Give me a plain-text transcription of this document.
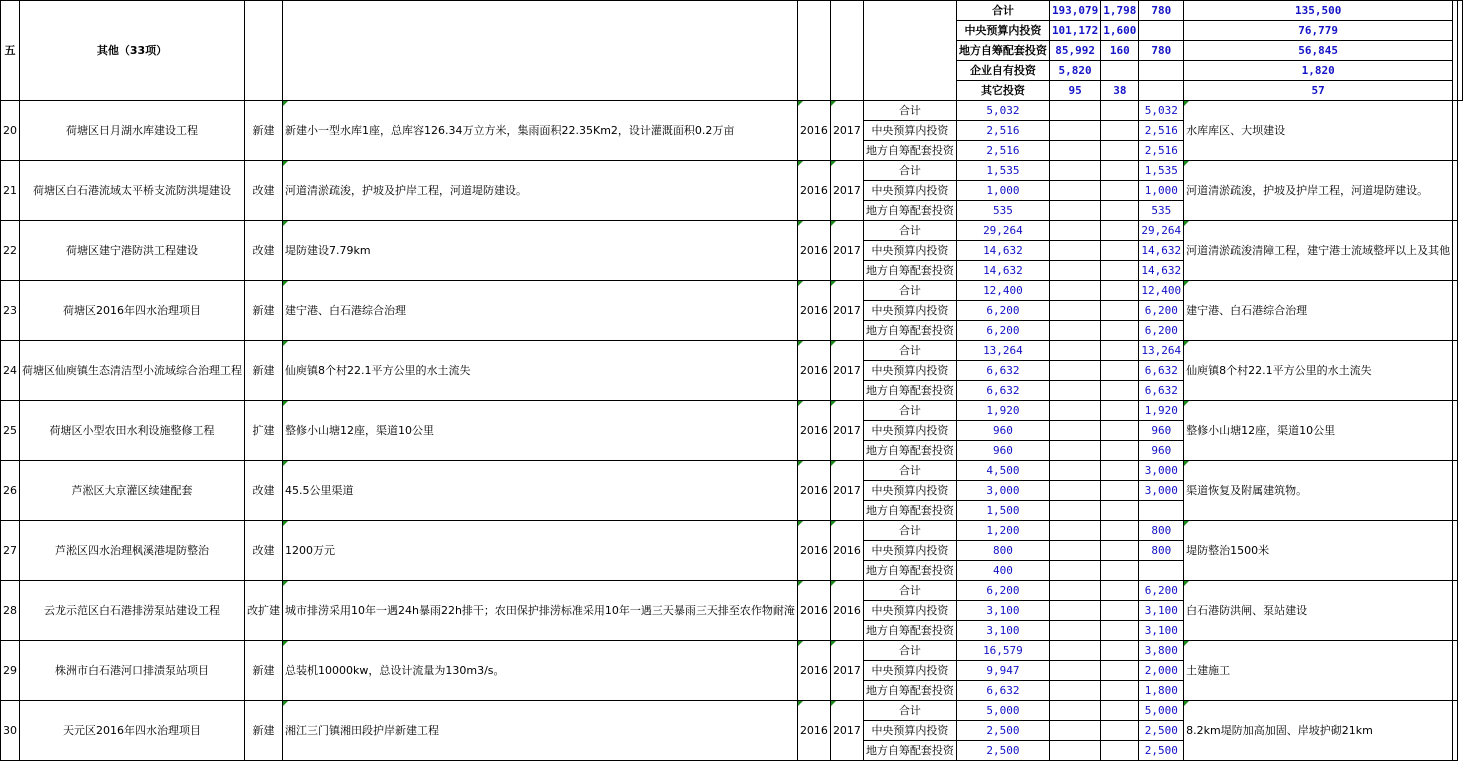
五	其他（33项）						合计	193,079	1,798	780	135,500		
							中央预算内投资	101,172	1,600		76,779		
							地方自筹配套投资	85,992	160	780	56,845		
							企业自有投资	5,820			1,820		
							其它投资	95	38		57		
20	荷塘区日月湖水库建设工程	新建	新建小一型水库1座，总库容126.34万立方米，集雨面积22.35Km2，设计灌溉面积0.2万亩	2016	2017	合计	5,032			5,032	水库库区、大坝建设	

						中央预算内投资	2,516			2,516			
						地方自筹配套投资	2,516			2,516			
21	荷塘区白石港流域太平桥支流防洪堤建设	改建	河道清淤疏浚，护坡及护岸工程，河道堤防建设。	2016	2017	合计	1,535			1,535	河道清淤疏浚，护坡及护岸工程，河道堤防建设。	

						中央预算内投资	1,000			1,000			
						地方自筹配套投资	535			535			
22	荷塘区建宁港防洪工程建设	改建	堤防建设7.79km	2016	2017	合计	29,264			29,264	河道清淤疏浚清障工程，建宁港士流域整坪以上及其他	

						中央预算内投资	14,632			14,632			
						地方自筹配套投资	14,632			14,632			
23	荷塘区2016年四水治理项目	新建	建宁港、白石港综合治理	2016	2017	合计	12,400			12,400	建宁港、白石港综合治理	

						中央预算内投资	6,200			6,200			
						地方自筹配套投资	6,200			6,200			
24	荷塘区仙庾镇生态清洁型小流域综合治理工程	新建	仙庾镇8个村22.1平方公里的水土流失	2016	2017	合计	13,264			13,264	仙庾镇8个村22.1平方公里的水土流失	

						中央预算内投资	6,632			6,632			
						地方自筹配套投资	6,632			6,632			
25	荷塘区小型农田水利设施整修工程	扩建	整修小山塘12座，渠道10公里	2016	2017	合计	1,920			1,920	整修小山塘12座，渠道10公里	

						中央预算内投资	960			960			
						地方自筹配套投资	960			960			
26	芦淞区大京灌区续建配套	改建	45.5公里渠道	2016	2017	合计	4,500			3,000	渠道恢复及附属建筑物。	

						中央预算内投资	3,000			3,000			
						地方自筹配套投资	1,500						
27	芦淞区四水治理枫溪港堤防整治	改建	1200万元	2016	2016	合计	1,200			800	堤防整治1500米	

						中央预算内投资	800			800			
						地方自筹配套投资	400						
28	云龙示范区白石港排涝泵站建设工程	改扩建	城市排涝采用10年一遇24h暴雨22h排干；农田保护排涝标准采用10年一遇三天暴雨三天排至农作物耐淹	2016	2016	合计	6,200			6,200	白石港防洪闸、泵站建设	

						中央预算内投资	3,100			3,100			
						地方自筹配套投资	3,100			3,100			
29	株洲市白石港河口排渍泵站项目	新建	总装机10000kw，总设计流量为130m3/s。	2016	2017	合计	16,579			3,800	土建施工	

						中央预算内投资	9,947			2,000			
						地方自筹配套投资	6,632			1,800			
30	天元区2016年四水治理项目	新建	湘江三门镇湘田段护岸新建工程	2016	2017	合计	5,000			5,000	8.2km堤防加高加固、岸坡护砌21km	

						中央预算内投资	2,500			2,500			
						地方自筹配套投资	2,500			2,500			
